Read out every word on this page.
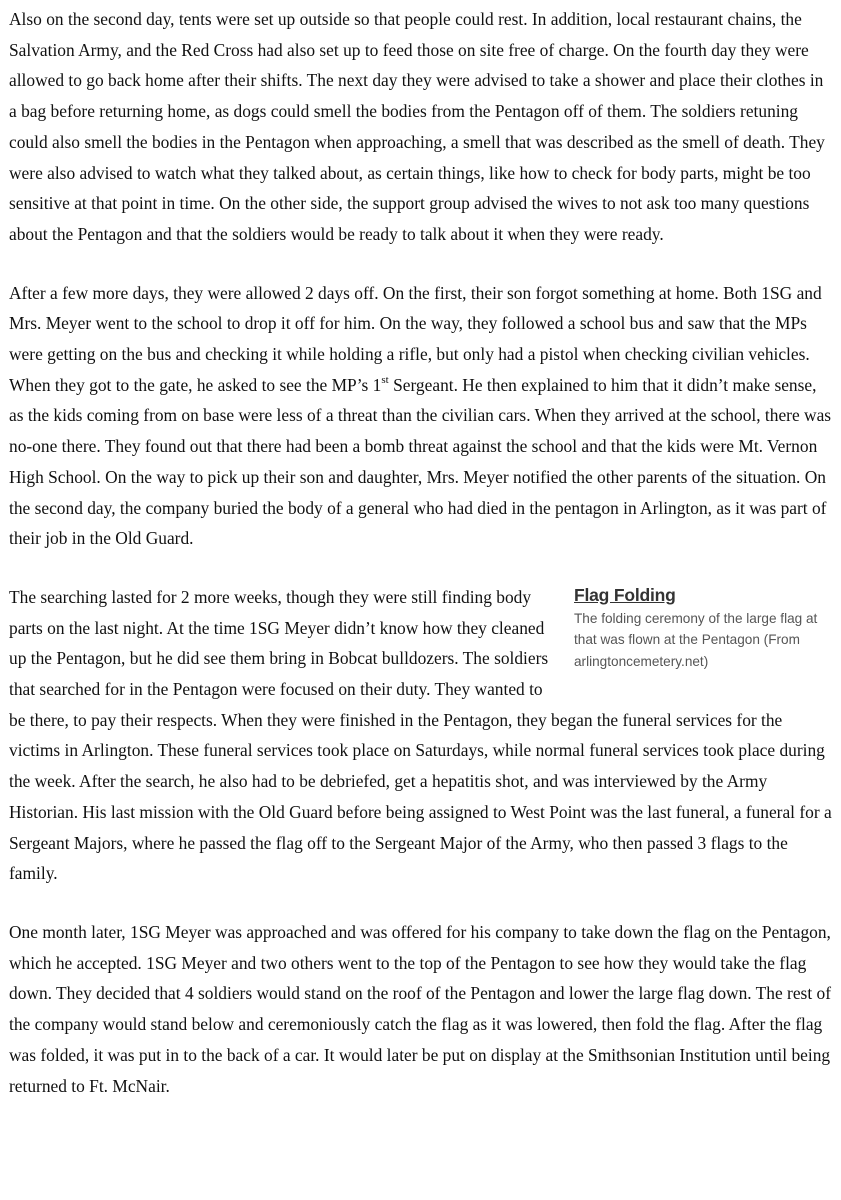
Also on the second day, tents were set up outside so that people could rest. In addition, local restaurant chains, the Salvation Army, and the Red Cross had also set up to feed those on site free of charge. On the fourth day they were allowed to go back home after their shifts. The next day they were advised to take a shower and place their clothes in a bag before returning home, as dogs could smell the bodies from the Pentagon off of them. The soldiers retuning could also smell the bodies in the Pentagon when approaching, a smell that was described as the smell of death. They were also advised to watch what they talked about, as certain things, like how to check for body parts, might be too sensitive at that point in time. On the other side, the support group advised the wives to not ask too many questions about the Pentagon and that the soldiers would be ready to talk about it when they were ready.

After a few more days, they were allowed 2 days off. On the first, their son forgot something at home. Both 1SG and Mrs. Meyer went to the school to drop it off for him. On the way, they followed a school bus and saw that the MPs were getting on the bus and checking it while holding a rifle, but only had a pistol when checking civilian vehicles. When they got to the gate, he asked to see the MP’s 1st Sergeant. He then explained to him that it didn’t make sense, as the kids coming from on base were less of a threat than the civilian cars. When they arrived at the school, there was no-one there. They found out that there had been a bomb threat against the school and that the kids were Mt. Vernon High School. On the way to pick up their son and daughter, Mrs. Meyer notified the other parents of the situation. On the second day, the company buried the body of a general who had died in the pentagon in Arlington, as it was part of their job in the Old Guard.

Flag Folding
The folding ceremony of the large flag at that was flown at the Pentagon (From arlingtoncemetery.net)

The searching lasted for 2 more weeks, though they were still finding body parts on the last night. At the time 1SG Meyer didn’t know how they cleaned up the Pentagon, but he did see them bring in Bobcat bulldozers. The soldiers that searched for in the Pentagon were focused on their duty. They wanted to be there, to pay their respects. When they were finished in the Pentagon, they began the funeral services for the victims in Arlington. These funeral services took place on Saturdays, while normal funeral services took place during the week. After the search, he also had to be debriefed, get a hepatitis shot, and was interviewed by the Army Historian. His last mission with the Old Guard before being assigned to West Point was the last funeral, a funeral for a Sergeant Majors, where he passed the flag off to the Sergeant Major of the Army, who then passed 3 flags to the family.

One month later, 1SG Meyer was approached and was offered for his company to take down the flag on the Pentagon, which he accepted. 1SG Meyer and two others went to the top of the Pentagon to see how they would take the flag down. They decided that 4 soldiers would stand on the roof of the Pentagon and lower the large flag down. The rest of the company would stand below and ceremoniously catch the flag as it was lowered, then fold the flag. After the flag was folded, it was put in to the back of a car. It would later be put on display at the Smithsonian Institution until being returned to Ft. McNair.
